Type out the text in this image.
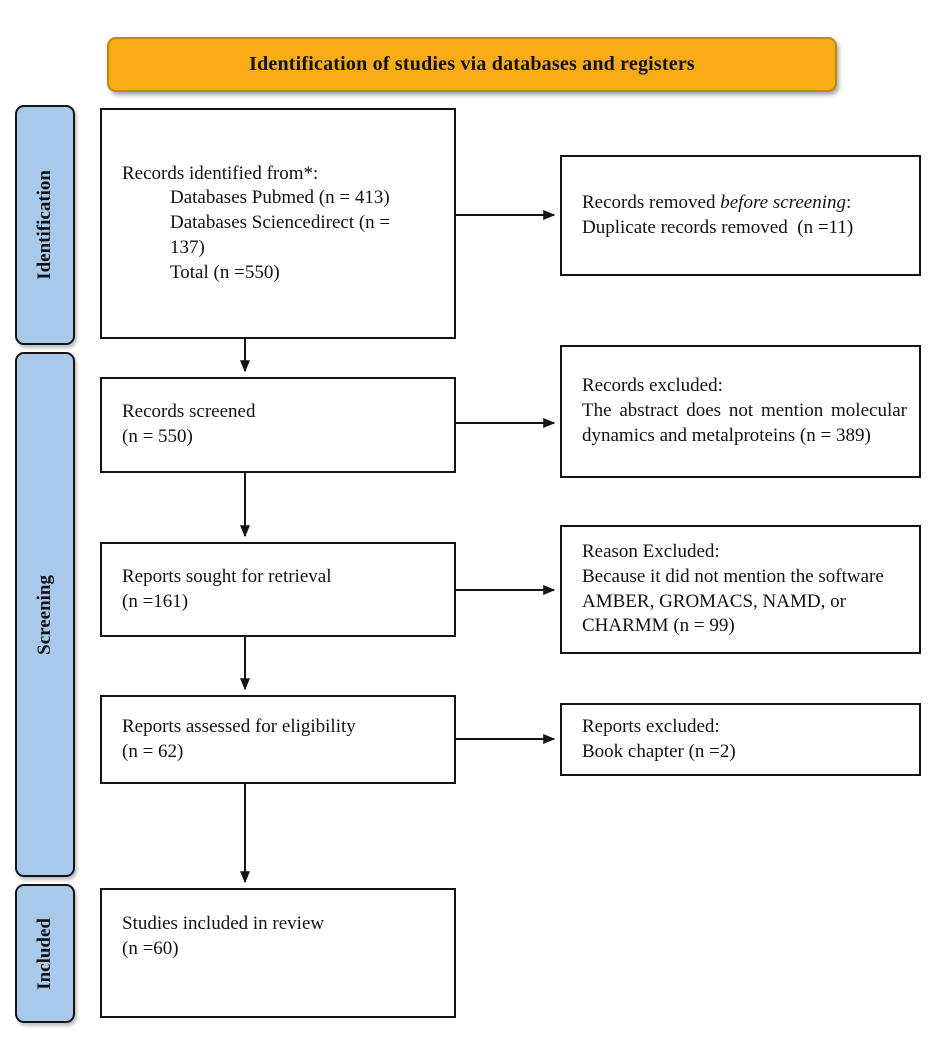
Identification of studies via databases and registers
Identification
Screening
Included
Records identified from*:
Databases Pubmed (n = 413)
Databases Sciencedirect (n =
137)
Total (n =550)
Records screened
(n = 550)
Reports sought for retrieval
(n =161)
Reports assessed for eligibility
(n = 62)
Studies included in review
(n =60)
Records removed before screening:
Duplicate records removed  (n =11)
Records excluded:
The abstract does not mention molecular dynamics and metalproteins (n = 389)
Reason Excluded:
Because it did not mention the software AMBER, GROMACS, NAMD, or CHARMM (n = 99)
Reports excluded:
Book chapter (n =2)
